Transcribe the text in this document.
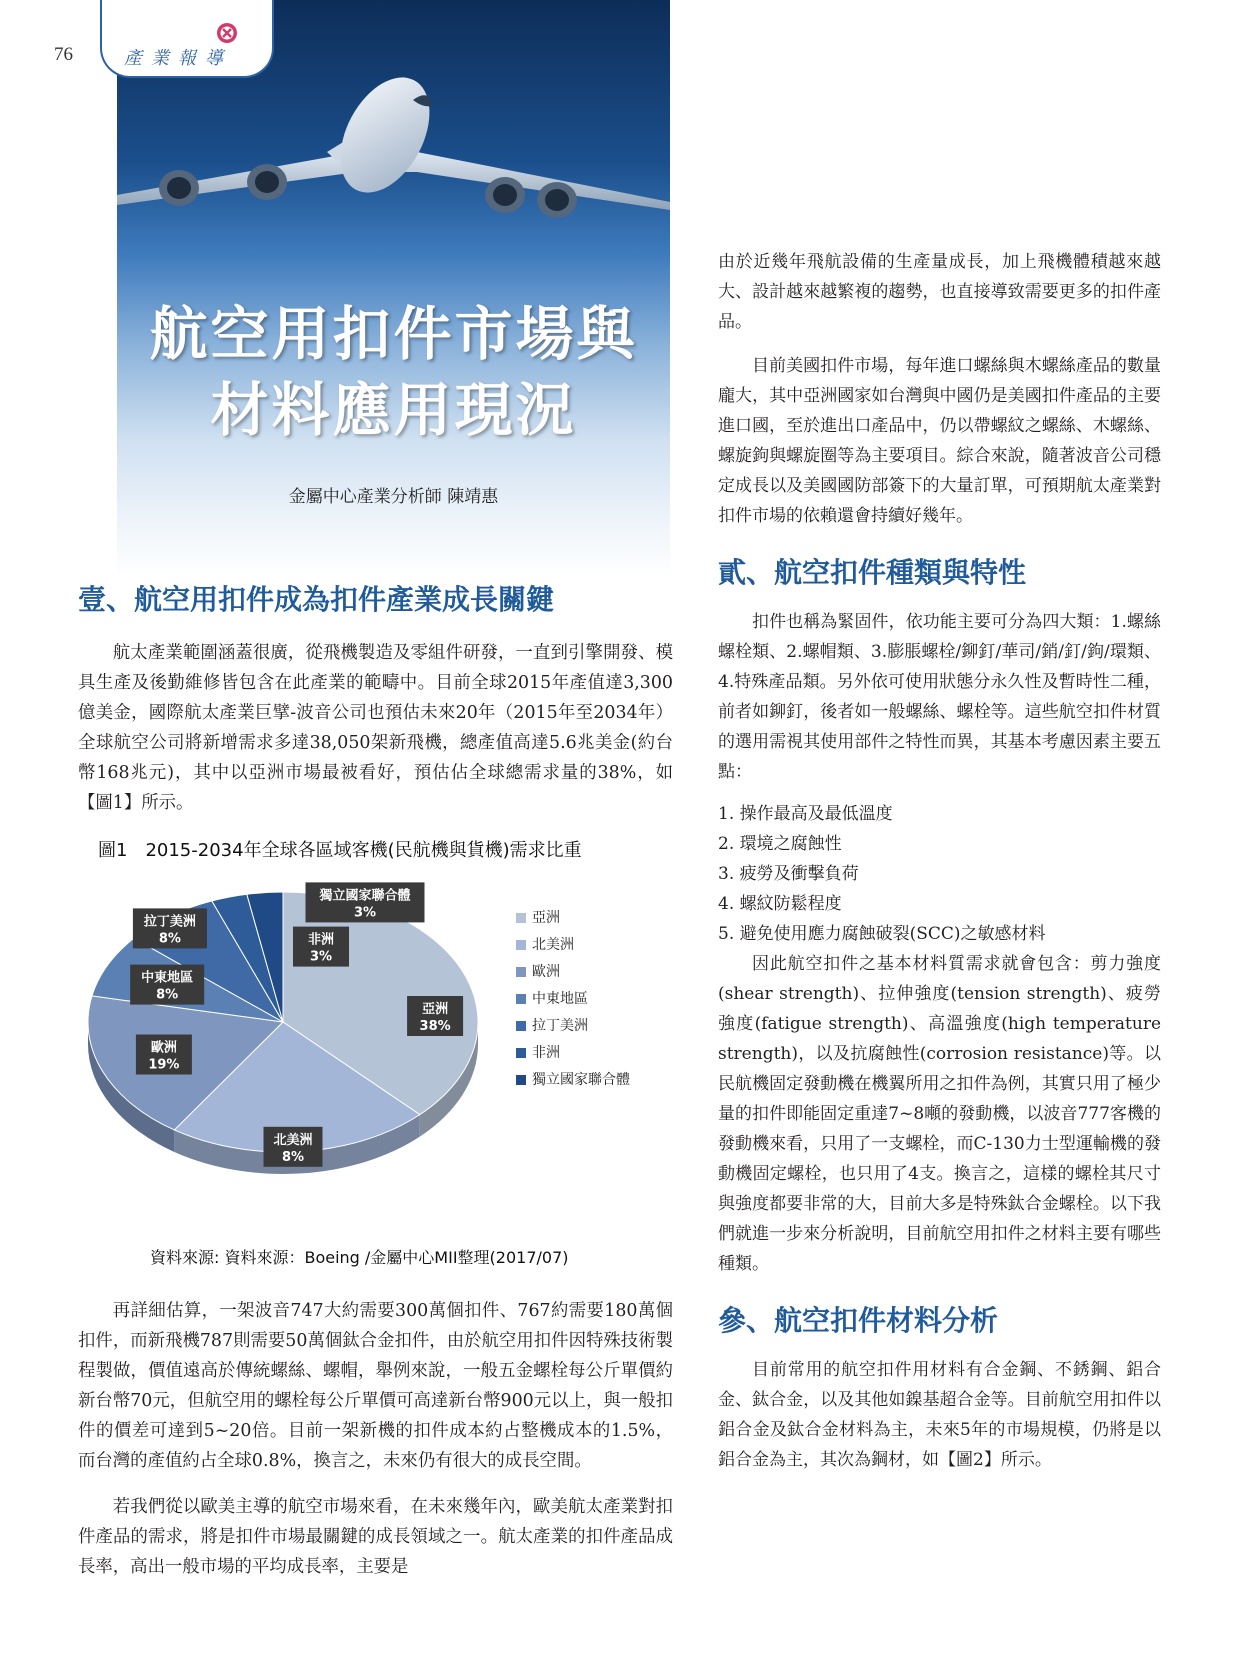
76
航空用扣件市場與
材料應用現況
金屬中心產業分析師 陳靖惠
產業報導
壹、航空用扣件成為扣件產業成長關鍵

航太產業範圍涵蓋很廣，從飛機製造及零組件研發，一直到引擎開發、模具生產及後勤維修皆包含在此產業的範疇中。目前全球2015年產值達3,300億美金，國際航太產業巨擘-波音公司也預估未來20年（2015年至2034年）全球航空公司將新增需求多達38,050架新飛機，總產值高達5.6兆美金(約台幣168兆元)，其中以亞洲市場最被看好，預估佔全球總需求量的38%，如【圖1】所示。

圖1　2015-2034年全球各區域客機(民航機與貨機)需求比重
亞洲
38%
北美洲
8%
歐洲
19%
中東地區
8%
拉丁美洲
8%	非洲
3%
獨立國家聯合體
3%	亞洲
北美洲
歐洲
中東地區
拉丁美洲
非洲
獨立國家聯合體
資料來源: 資料來源：Boeing /金屬中心MII整理(2017/07)

再詳細估算，一架波音747大約需要300萬個扣件、767約需要180萬個扣件，而新飛機787則需要50萬個鈦合金扣件，由於航空用扣件因特殊技術製程製做，價值遠高於傳統螺絲、螺帽，舉例來說，一般五金螺栓每公斤單價約新台幣70元，但航空用的螺栓每公斤單價可高達新台幣900元以上，與一般扣件的價差可達到5~20倍。目前一架新機的扣件成本約占整機成本的1.5%，而台灣的產值約占全球0.8%，換言之，未來仍有很大的成長空間。

若我們從以歐美主導的航空市場來看，在未來幾年內，歐美航太產業對扣件產品的需求，將是扣件市場最關鍵的成長領域之一。航太產業的扣件產品成長率，高出一般市場的平均成長率，主要是

由於近幾年飛航設備的生產量成長，加上飛機體積越來越大、設計越來越繁複的趨勢，也直接導致需要更多的扣件產品。

目前美國扣件市場，每年進口螺絲與木螺絲產品的數量龐大，其中亞洲國家如台灣與中國仍是美國扣件產品的主要進口國，至於進出口產品中，仍以帶螺紋之螺絲、木螺絲、螺旋鉤與螺旋圈等為主要項目。綜合來說，隨著波音公司穩定成長以及美國國防部簽下的大量訂單，可預期航太產業對扣件市場的依賴還會持續好幾年。

貳、航空扣件種類與特性

扣件也稱為緊固件，依功能主要可分為四大類：1.螺絲螺栓類、2.螺帽類、3.膨脹螺栓/鉚釘/華司/銷/釘/鉤/環類、4.特殊產品類。另外依可使用狀態分永久性及暫時性二種，前者如鉚釘，後者如一般螺絲、螺栓等。這些航空扣件材質的選用需視其使用部件之特性而異，其基本考慮因素主要五點：

1. 操作最高及最低溫度
2. 環境之腐蝕性
3. 疲勞及衝擊負荷
4. 螺紋防鬆程度
5. 避免使用應力腐蝕破裂(SCC)之敏感材料

因此航空扣件之基本材料質需求就會包含：剪力強度(shear strength)、拉伸強度(tension strength)、疲勞強度(fatigue strength)、高溫強度(high temperature strength)，以及抗腐蝕性(corrosion resistance)等。以民航機固定發動機在機翼所用之扣件為例，其實只用了極少量的扣件即能固定重達7~8噸的發動機，以波音777客機的發動機來看，只用了一支螺栓，而C-130力士型運輸機的發動機固定螺栓，也只用了4支。換言之，這樣的螺栓其尺寸與強度都要非常的大，目前大多是特殊鈦合金螺栓。以下我們就進一步來分析說明，目前航空用扣件之材料主要有哪些種類。

參、航空扣件材料分析

目前常用的航空扣件用材料有合金鋼、不銹鋼、鋁合金、鈦合金，以及其他如鎳基超合金等。目前航空用扣件以鋁合金及鈦合金材料為主，未來5年的市場規模，仍將是以鋁合金為主，其次為鋼材，如【圖2】所示。
